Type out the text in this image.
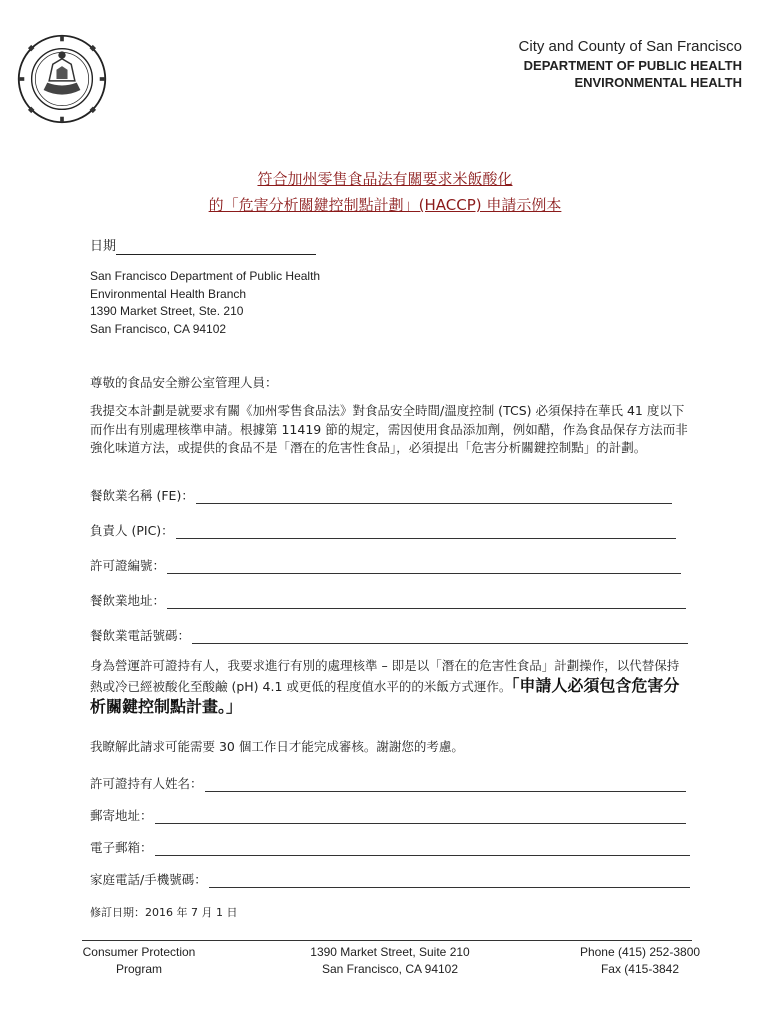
City and County of San Francisco
DEPARTMENT OF PUBLIC HEALTH
ENVIRONMENTAL HEALTH
符合加州零售食品法有關要求米飯酸化
的「危害分析關鍵控制點計劃」(HACCP) 申請示例本
日期
San Francisco Department of Public Health
Environmental Health Branch
1390 Market Street, Ste. 210
San Francisco, CA 94102
尊敬的食品安全辦公室管理人員：
我提交本計劃是就要求有關《加州零售食品法》對食品安全時間/溫度控制 (TCS) 必須保持在華氏 41 度以下而作出有別處理核準申請。根據第 11419 節的規定，需因使用食品添加劑，例如醋，作為食品保存方法而非強化味道方法，或提供的食品不是「潛在的危害性食品」，必須提出「危害分析關鍵控制點」的計劃。
餐飲業名稱 (FE)：
負責人 (PIC)：
許可證編號：
餐飲業地址：
餐飲業電話號碼：
身為營運許可證持有人，我要求進行有別的處理核準 – 即是以「潛在的危害性食品」計劃操作，以代替保持熱或冷已經被酸化至酸鹼 (pH) 4.1 或更低的程度值水平的的米飯方式運作。「申請人必須包含危害分析關鍵控制點計畫。」
我瞭解此請求可能需要 30 個工作日才能完成審核。謝謝您的考慮。
許可證持有人姓名：
郵寄地址：
電子郵箱：
家庭電話/手機號碼：
修訂日期：2016 年 7 月 1 日
Consumer Protection
Program
1390 Market Street, Suite 210
San Francisco, CA 94102
Phone (415) 252-3800
Fax (415-3842
